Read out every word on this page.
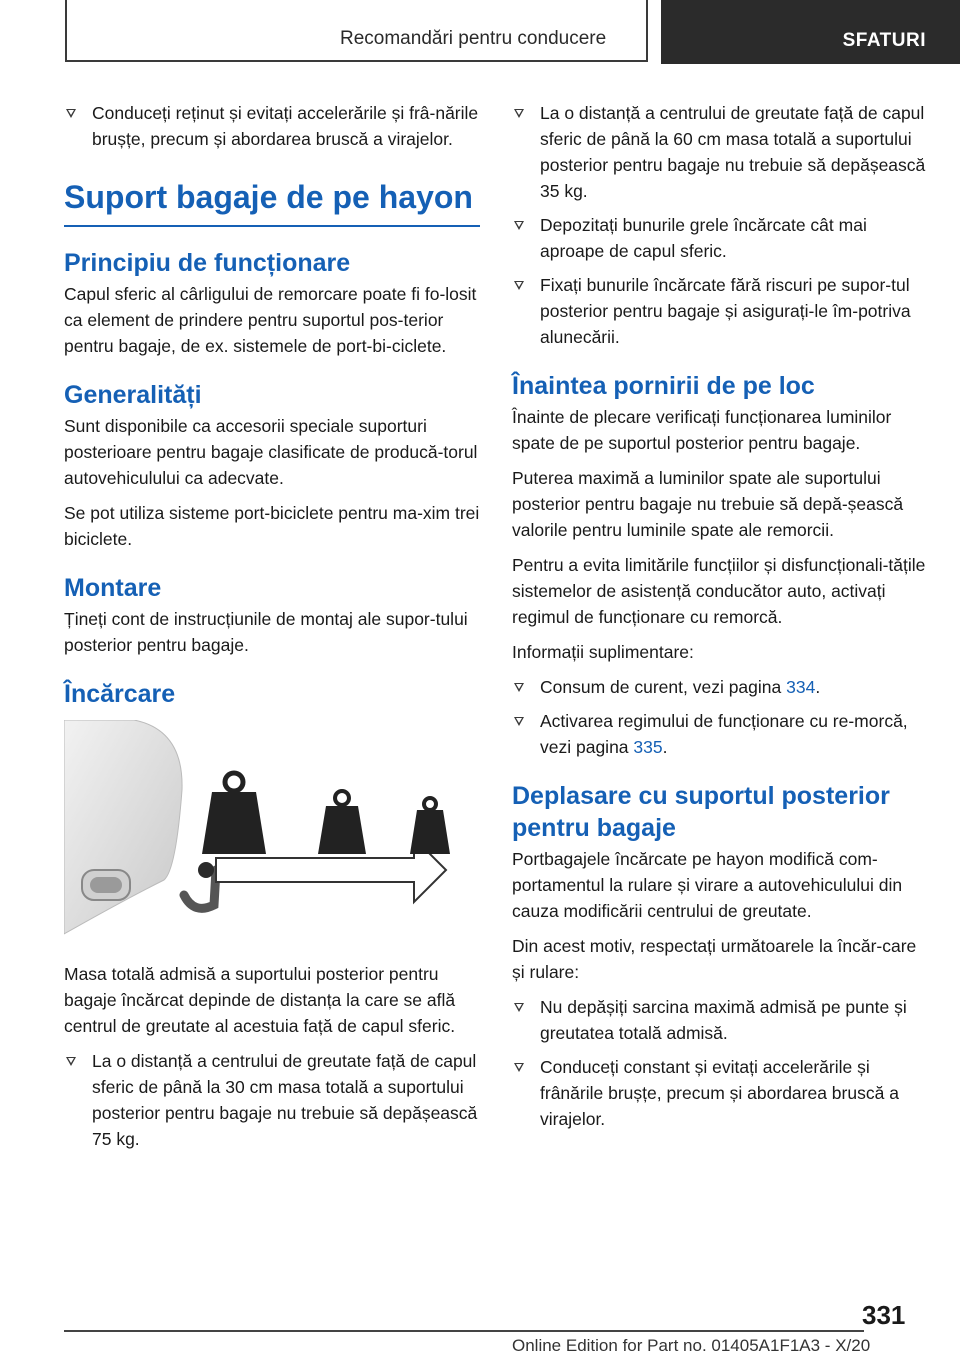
Recomandări pentru conducere	SFATURI
Conduceți reținut și evitați accelerările și frâ-nările brușțe, precum și abordarea bruscă a virajelor.
Suport bagaje de pe hayon
Principiu de funcționare

Capul sferic al cârligului de remorcare poate fi fo-losit ca element de prindere pentru suportul pos-terior pentru bagaje, de ex. sistemele de port-bi-ciclete.

Generalități

Sunt disponibile ca accesorii speciale suporturi posterioare pentru bagaje clasificate de producă-torul autovehiculului ca adecvate.

Se pot utiliza sisteme port-biciclete pentru ma-xim trei biciclete.

Montare

Țineți cont de instrucțiunile de montaj ale supor-tului posterior pentru bagaje.

Încărcare

Masa totală admisă a suportului posterior pentru bagaje încărcat depinde de distanța la care se află centrul de greutate al acestuia față de capul sferic.

La o distanță a centrului de greutate față de capul sferic de până la 30 cm masa totală a suportului posterior pentru bagaje nu trebuie să depășească 75 kg.
La o distanță a centrului de greutate față de capul sferic de până la 60 cm masa totală a suportului posterior pentru bagaje nu trebuie să depășească 35 kg.
Depozitați bunurile grele încărcate cât mai aproape de capul sferic.
Fixați bunurile încărcate fără riscuri pe supor-tul posterior pentru bagaje și asigurați-le îm-potriva alunecării.
Înaintea pornirii de pe loc

Înainte de plecare verificați funcționarea luminilor spate de pe suportul posterior pentru bagaje.

Puterea maximă a luminilor spate ale suportului posterior pentru bagaje nu trebuie să depă-șească valorile pentru luminile spate ale remorcii.

Pentru a evita limitările funcțiilor și disfuncționali-tățile sistemelor de asistență conducător auto, activați regimul de funcționare cu remorcă.

Informații suplimentare:

Consum de curent, vezi pagina 334.
Activarea regimului de funcționare cu re-morcă, vezi pagina 335.
Deplasare cu suportul posterior pentru bagaje

Portbagajele încărcate pe hayon modifică com-portamentul la rulare și virare a autovehiculului din cauza modificării centrului de greutate.

Din acest motiv, respectați următoarele la încăr-care și rulare:

Nu depășiți sarcina maximă admisă pe punte și greutatea totală admisă.
Conduceți constant și evitați accelerările și frânările brușțe, precum și abordarea bruscă a virajelor.
331
Online Edition for Part no. 01405A1F1A3 - X/20
